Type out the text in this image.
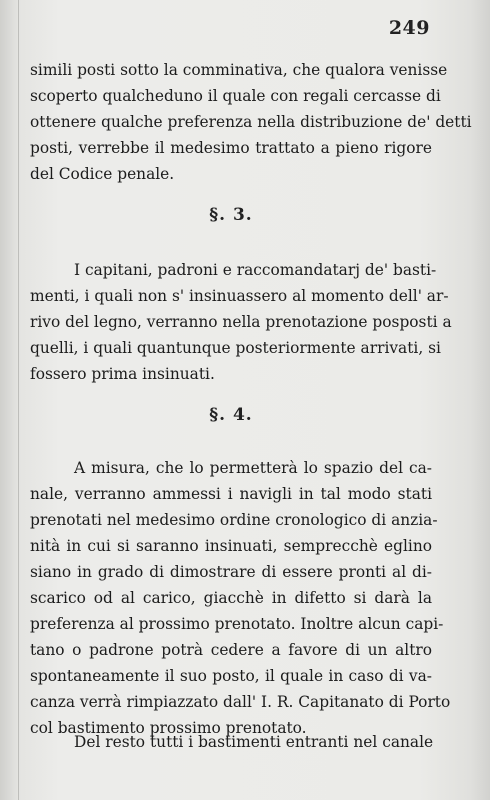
249
simili posti sotto la comminativa, che qualora venisse
scoperto qualcheduno il quale con regali cercasse di
ottenere qualche preferenza nella distribuzione de' detti
posti, verrebbe il medesimo trattato a pieno rigore
del Codice penale.
§. 3.
I capitani, padroni e raccomandatarj de' basti-
menti, i quali non s' insinuassero al momento dell' ar-
rivo del legno, verranno nella prenotazione posposti a
quelli, i quali quantunque posteriormente arrivati, si
fossero prima insinuati.
§. 4.
A misura, che lo permetterà lo spazio del ca-
nale, verranno ammessi i navigli in tal modo stati
prenotati nel medesimo ordine cronologico di anzia-
nità in cui si saranno insinuati, semprecchè eglino
siano in grado di dimostrare di essere pronti al di-
scarico od al carico, giacchè in difetto si darà la
preferenza al prossimo prenotato. Inoltre alcun capi-
tano o padrone potrà cedere a favore di un altro
spontaneamente il suo posto, il quale in caso di va-
canza verrà rimpiazzato dall' I. R. Capitanato di Porto
col bastimento prossimo prenotato.
Del resto tutti i bastimenti entranti nel canale
